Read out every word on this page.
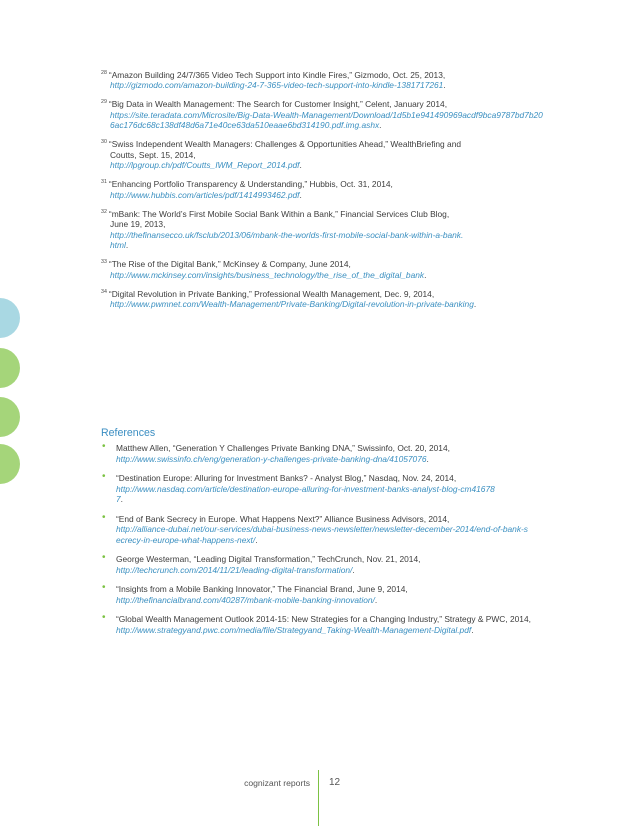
$^{28}$ “Amazon Building 24/7/365 Video Tech Support into Kindle Fires,” Gizmodo, Oct. 25, 2013,
http://gizmodo.com/amazon-building-24-7-365-video-tech-support-into-kindle-1381717261.
$^{29}$ “Big Data in Wealth Management: The Search for Customer Insight,” Celent, January 2014,
https://site.teradata.com/Microsite/Big-Data-Wealth-Management/Download/1d5b1e941490969acdf9bca9787bd7b206ac176dc68c138df48d6a71e40ce63da510eaae6bd314190.pdf.img.ashx.
$^{30}$ “Swiss Independent Wealth Managers: Challenges & Opportunities Ahead,” WealthBriefing and
Coutts, Sept. 15, 2014,
http://lpgroup.ch/pdf/Coutts_IWM_Report_2014.pdf.
$^{31}$ “Enhancing Portfolio Transparency & Understanding,” Hubbis, Oct. 31, 2014,
http://www.hubbis.com/articles/pdf/1414993462.pdf.
$^{32}$ “mBank: The World’s First Mobile Social Bank Within a Bank,” Financial Services Club Blog,
June 19, 2013,
http://thefinansecco.uk/fsclub/2013/06/mbank-the-worlds-first-mobile-social-bank-within-a-bank.html.
$^{33}$ “The Rise of the Digital Bank,” McKinsey & Company, June 2014,
http://www.mckinsey.com/insights/business_technology/the_rise_of_the_digital_bank.
$^{34}$ “Digital Revolution in Private Banking,” Professional Wealth Management, Dec. 9, 2014,
http://www.pwmnet.com/Wealth-Management/Private-Banking/Digital-revolution-in-private-banking.
References
• Matthew Allen, “Generation Y Challenges Private Banking DNA,” Swissinfo, Oct. 20, 2014,
http://www.swissinfo.ch/eng/generation-y-challenges-private-banking-dna/41057076.
• “Destination Europe: Alluring for Investment Banks? - Analyst Blog,” Nasdaq, Nov. 24, 2014,
http://www.nasdaq.com/article/destination-europe-alluring-for-investment-banks-analyst-blog-cm416787.
• “End of Bank Secrecy in Europe. What Happens Next?” Alliance Business Advisors, 2014,
http://alliance-dubai.net/our-services/dubai-business-news-newsletter/newsletter-december-2014/end-of-bank-secrecy-in-europe-what-happens-next/.
• George Westerman, “Leading Digital Transformation,” TechCrunch, Nov. 21, 2014,
http://techcrunch.com/2014/11/21/leading-digital-transformation/.
• “Insights from a Mobile Banking Innovator,” The Financial Brand, June 9, 2014,
http://thefinancialbrand.com/40287/mbank-mobile-banking-innovation/.
• “Global Wealth Management Outlook 2014-15: New Strategies for a Changing Industry,” Strategy & PWC, 2014,
http://www.strategyand.pwc.com/media/file/Strategyand_Taking-Wealth-Management-Digital.pdf.
cognizant reports 12
